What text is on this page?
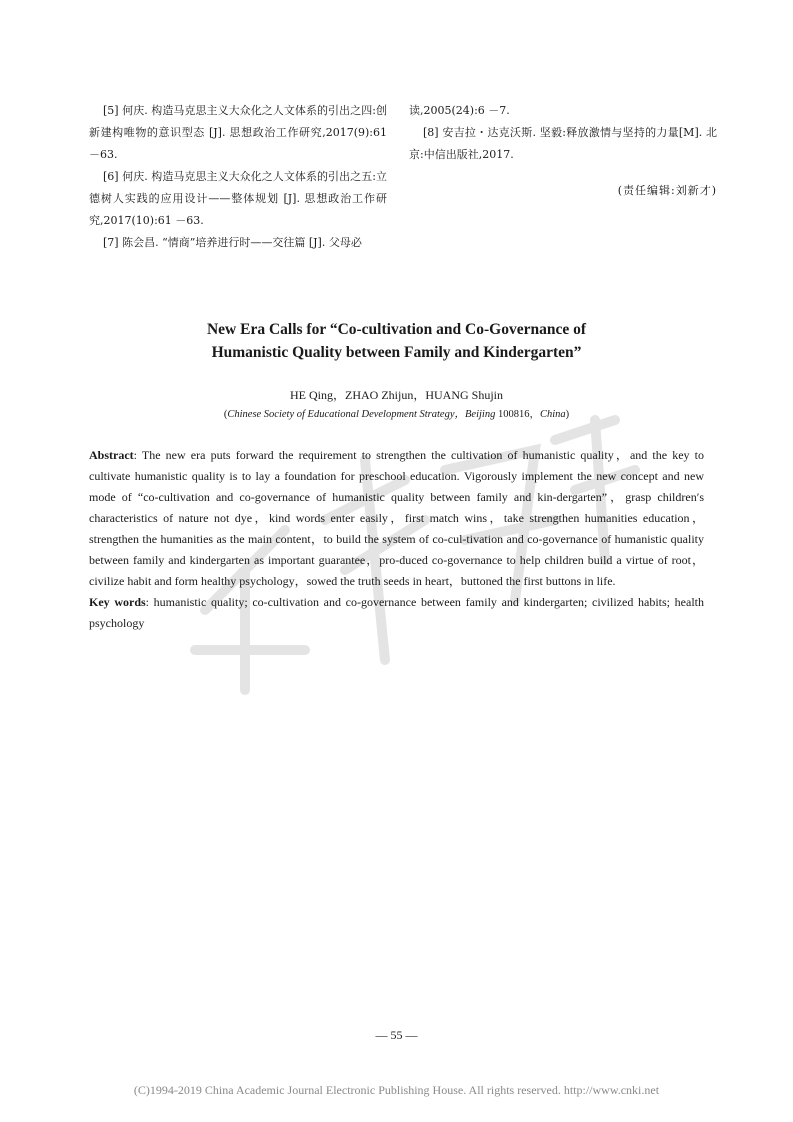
[5] 何庆. 构造马克思主义大众化之人文体系的引出之四:创新建构唯物的意识型态 [J]. 思想政治工作研究,2017(9):61 －63.

[6] 何庆. 构造马克思主义大众化之人文体系的引出之五:立德树人实践的应用设计——整体规划 [J]. 思想政治工作研究,2017(10):61 －63.

[7] 陈会昌. “情商”培养进行时——交往篇 [J]. 父母必

读,2005(24):6 －7.

[8] 安吉拉・达克沃斯. 坚毅:释放激情与坚持的力量[M]. 北京:中信出版社,2017.

(责任编辑:刘新才)
New Era Calls for “Co-cultivation and Co-Governance of
Humanistic Quality between Family and Kindergarten”
HE Qing，ZHAO Zhijun，HUANG Shujin
(Chinese Society of Educational Development Strategy，Beijing 100816，China)

Abstract: The new era puts forward the requirement to strengthen the cultivation of humanistic quality，and the key to cultivate humanistic quality is to lay a foundation for preschool education. Vigorously implement the new concept and new mode of “co-cultivation and co-governance of humanistic quality between family and kin-dergarten”，grasp children′s characteristics of nature not dye，kind words enter easily，first match wins，take strengthen humanities education，strengthen the humanities as the main content，to build the system of co-cul-tivation and co-governance of humanistic quality between family and kindergarten as important guarantee，pro-duced co-governance to help children build a virtue of root，civilize habit and form healthy psychology，sowed the truth seeds in heart，buttoned the first buttons in life.

Key words: humanistic quality; co-cultivation and co-governance between family and kindergarten; civilized habits; health psychology

— 55 —
(C)1994-2019 China Academic Journal Electronic Publishing House. All rights reserved. http://www.cnki.net
